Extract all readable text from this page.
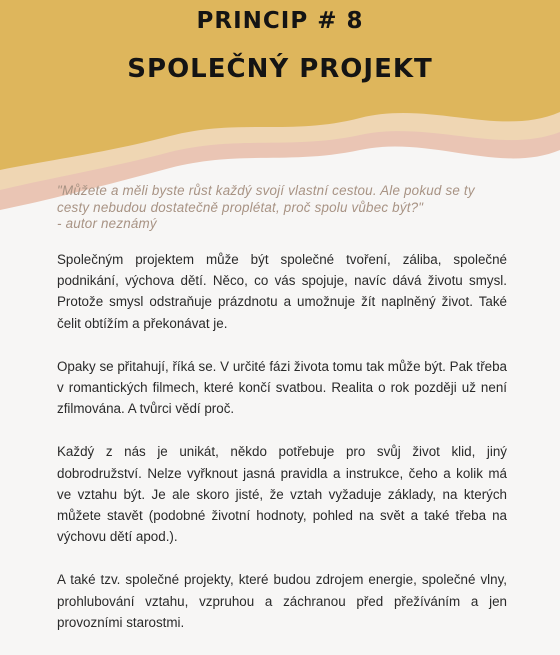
PRINCIP # 8
SPOLEČNÝ PROJEKT
"Můžete a měli byste růst každý svojí vlastní cestou. Ale pokud se ty
cesty nebudou dostatečně proplétat, proč spolu vůbec být?"
- autor neznámý

Společným projektem může být společné tvoření, záliba, společné podnikání, výchova dětí. Něco, co vás spojuje, navíc dává životu smysl. Protože smysl odstraňuje prázdnotu a umožnuje žít naplněný život. Také čelit obtížím a překonávat je.

Opaky se přitahují, říká se. V určité fázi života tomu tak může být. Pak třeba v romantických filmech, které končí svatbou. Realita o rok později už není zfilmována. A tvůrci vědí proč.

Každý z nás je unikát, někdo potřebuje pro svůj život klid, jiný dobrodružství. Nelze vyřknout jasná pravidla a instrukce, čeho a kolik má ve vztahu být. Je ale skoro jisté, že vztah vyžaduje základy, na kterých můžete stavět (podobné životní hodnoty, pohled na svět a také třeba na výchovu dětí apod.).

A také tzv. společné projekty, které budou zdrojem energie, společné vlny, prohlubování vztahu, vzpruhou a záchranou před přežíváním a jen provozními starostmi.
